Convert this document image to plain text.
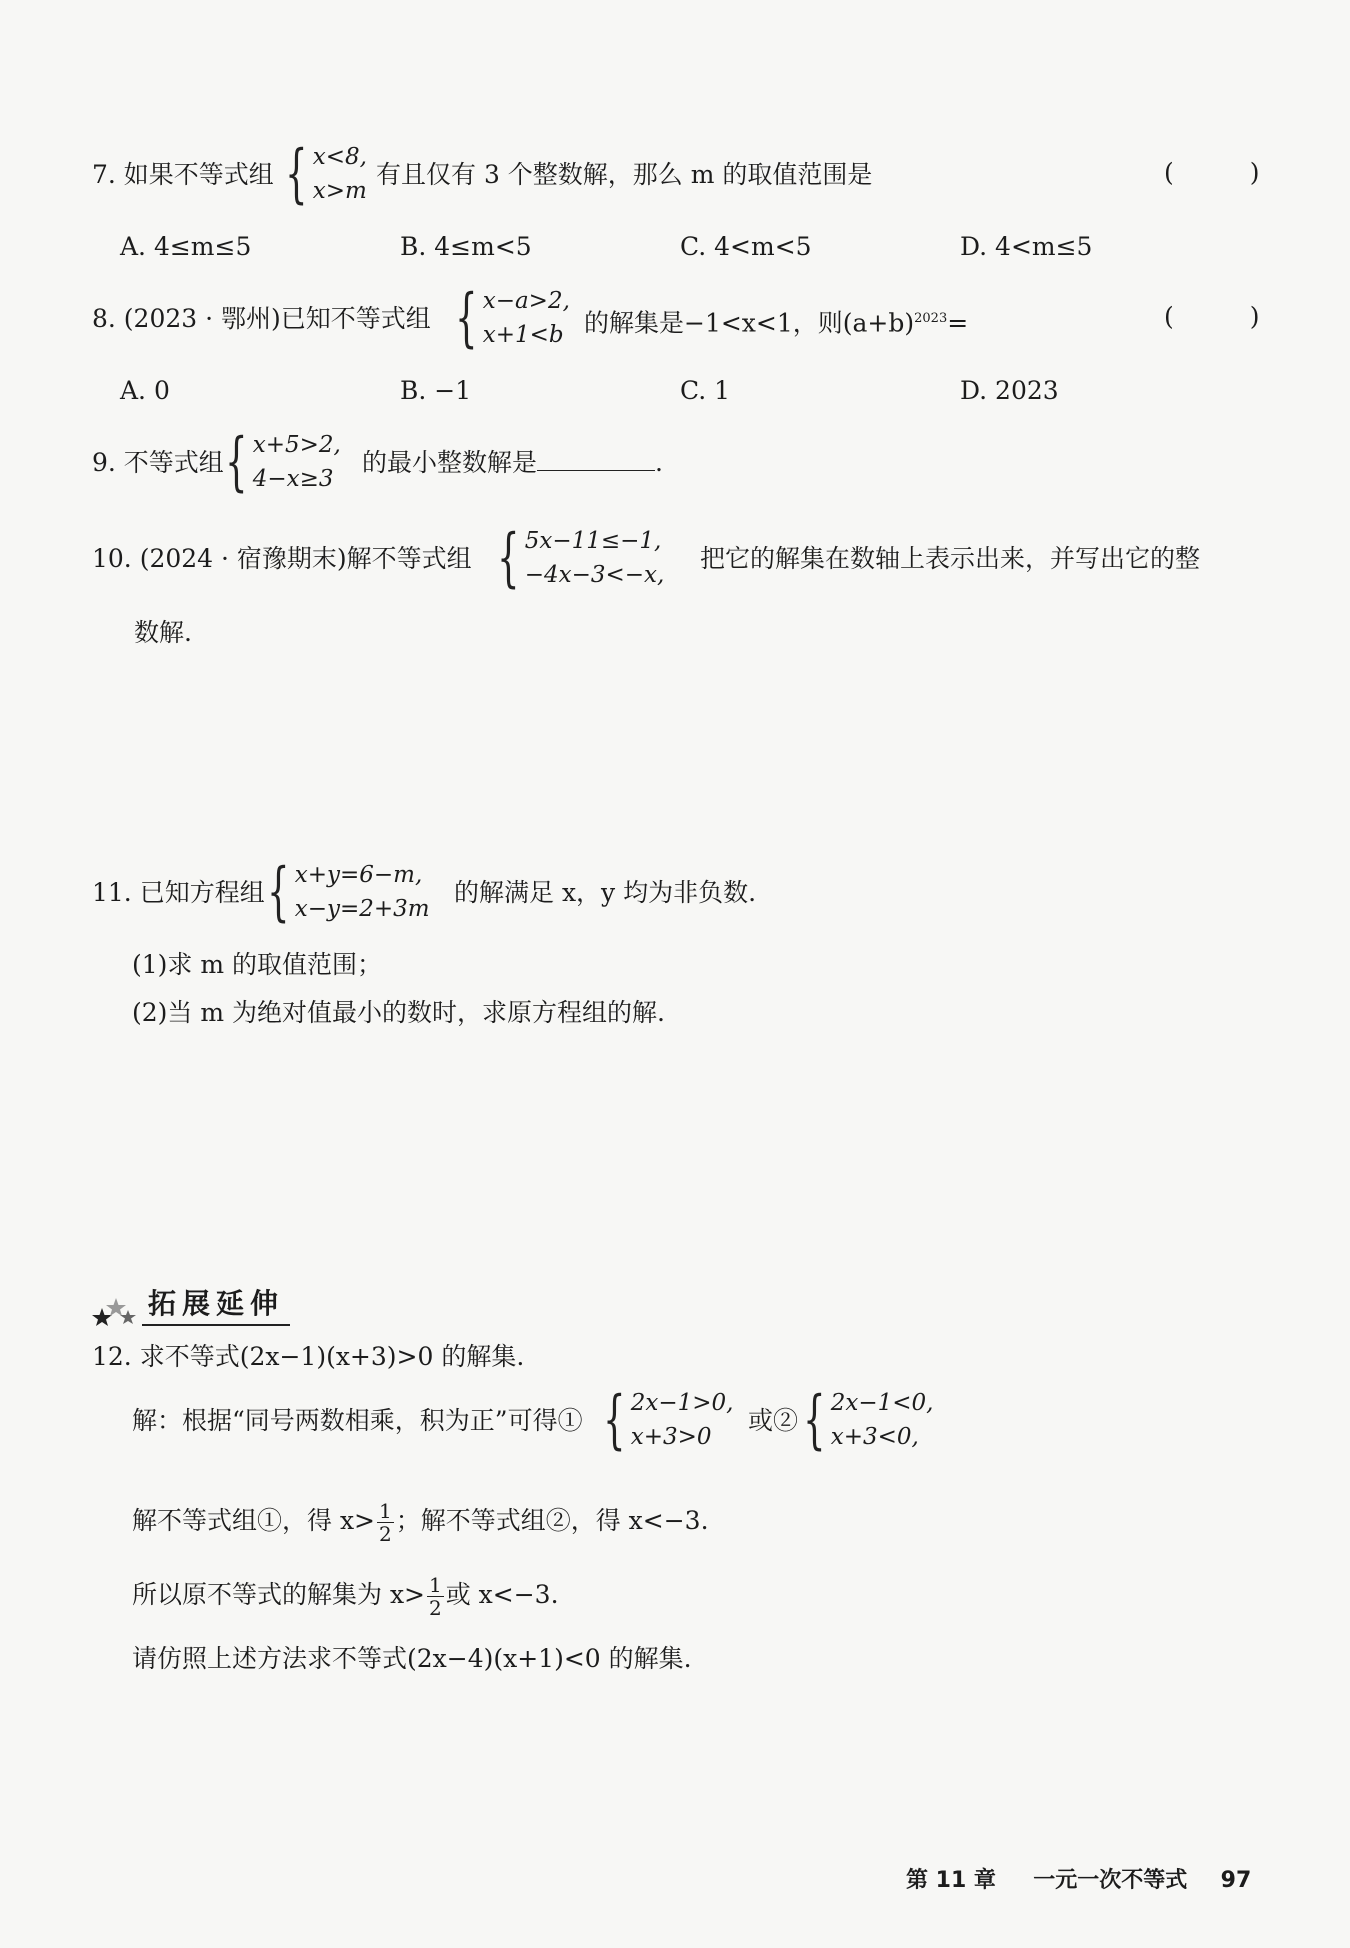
7. 如果不等式组 { x<8,
x>m
有且仅有 3 个整数解，那么 m 的取值范围是	( )
A. 4≤m≤5	B. 4≤m<5	C. 4<m<5	D. 4<m≤5
8. (2023 · 鄂州)已知不等式组 { x−a>2,
x+1<b 的解集是−1<x<1，则$(a+b)^{2023}=$	( )
A. 0	B. −1	C. 1	D. 2023
9. 不等式组 { x+5>2,
4−x≥3
的最小整数解是	.
10. (2024 · 宿豫期末)解不等式组 { 5x−11≤−1,
−4x−3<−x,
把它的解集在数轴上表示出来，并写出它的整
数解.
11. 已知方程组 { x+y=6−m,
x−y=2+3m
的解满足 x，y 均为非负数.
(1)求 m 的取值范围；
(2)当 m 为绝对值最小的数时，求原方程组的解.
拓展延伸
12. 求不等式(2x−1)(x+3)>0 的解集.
解：根据“同号两数相乘，积为正”可得① { 2x−1>0,
x+3>0
或② { 2x−1<0,
x+3<0,
解不等式组①，得 $x> \frac{1}{2}$ ；解不等式组②，得 x<−3.
所以原不等式的解集为 $x> \frac{1}{2}$ 或 x<−3.
请仿照上述方法求不等式(2x−4)(x+1)<0 的解集.
第 11 章 一元一次不等式 97
